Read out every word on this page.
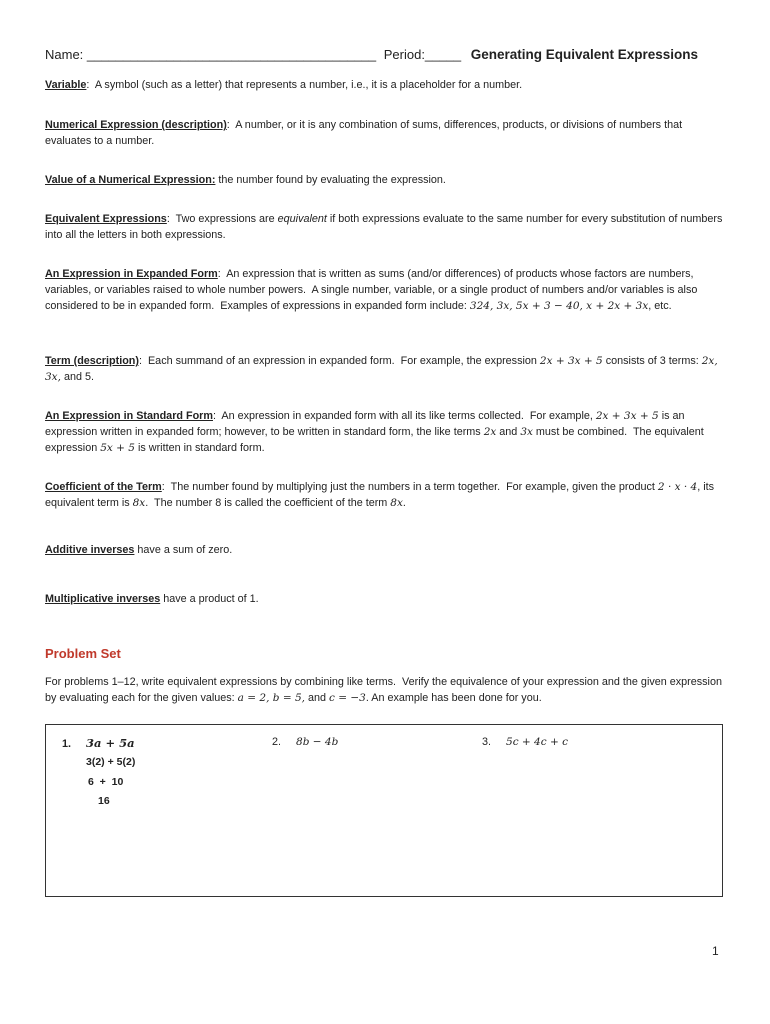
Name: ________________________________________ Period:_____ Generating Equivalent Expressions
Variable:  A symbol (such as a letter) that represents a number, i.e., it is a placeholder for a number.
Numerical Expression (description):  A number, or it is any combination of sums, differences, products, or divisions of numbers that evaluates to a number.
Value of a Numerical Expression: the number found by evaluating the expression.
Equivalent Expressions:  Two expressions are equivalent if both expressions evaluate to the same number for every substitution of numbers into all the letters in both expressions.
An Expression in Expanded Form:  An expression that is written as sums (and/or differences) of products whose factors are numbers, variables, or variables raised to whole number powers.  A single number, variable, or a single product of numbers and/or variables is also considered to be in expanded form.  Examples of expressions in expanded form include: 324, 3x, 5x + 3 − 40, x + 2x + 3x, etc.
Term (description):  Each summand of an expression in expanded form.  For example, the expression 2x + 3x + 5 consists of 3 terms: 2x, 3x, and 5.
An Expression in Standard Form:  An expression in expanded form with all its like terms collected.  For example, 2x + 3x + 5 is an expression written in expanded form; however, to be written in standard form, the like terms 2x and 3x must be combined.  The equivalent expression 5x + 5 is written in standard form.
Coefficient of the Term:  The number found by multiplying just the numbers in a term together.  For example, given the product 2 · x · 4, its equivalent term is 8x.  The number 8 is called the coefficient of the term 8x.
Additive inverses have a sum of zero.
Multiplicative inverses have a product of 1.
Problem Set
For problems 1–12, write equivalent expressions by combining like terms.  Verify the equivalence of your expression and the given expression by evaluating each for the given values: a = 2, b = 5, and c = −3. An example has been done for you.
1. 3a + 5a
3(2) + 5(2)
6  +  10
16
2. 8b − 4b	3. 5c + 4c + c
1
